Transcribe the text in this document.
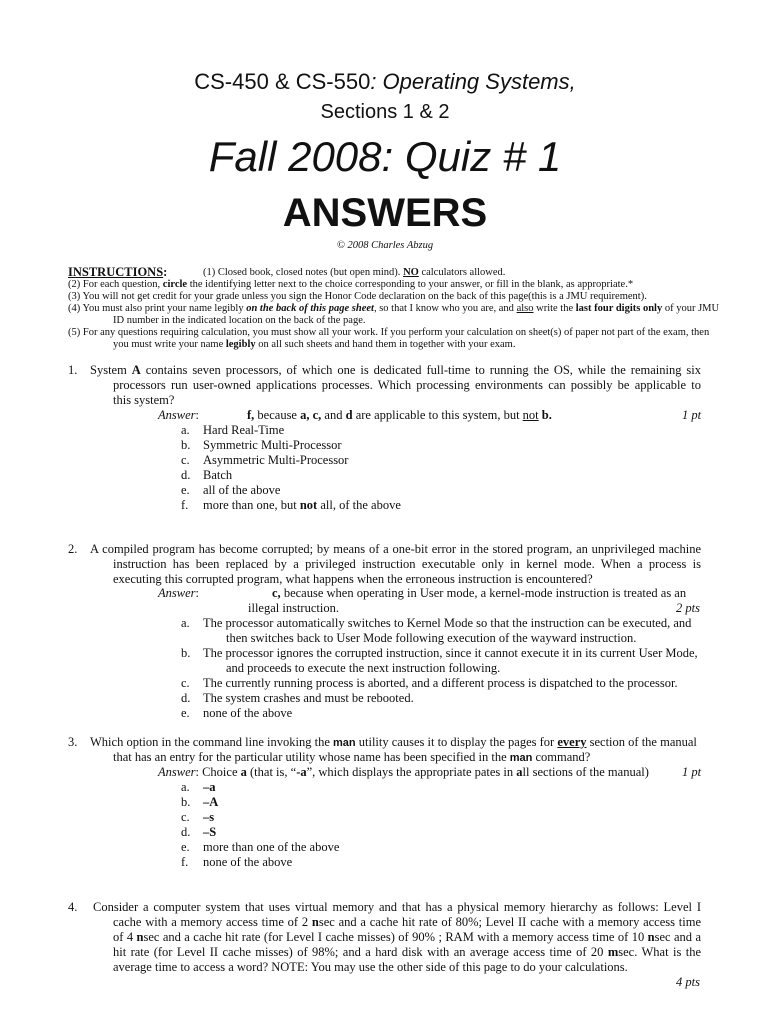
CS-450 & CS-550: Operating Systems,
Sections 1 & 2
Fall 2008: Quiz # 1
ANSWERS
© 2008 Charles Abzug
INSTRUCTIONS:	(1) Closed book, closed notes (but open mind). NO calculators allowed.
(2) For each question, circle the identifying letter next to the choice corresponding to your answer, or fill in the blank, as appropriate.*
(3) You will not get credit for your grade unless you sign the Honor Code declaration on the back of this page(this is a JMU requirement).
(4) You must also print your name legibly on the back of this page sheet, so that I know who you are, and also write the last four digits only of your JMU
ID number in the indicated location on the back of the page.
(5) For any questions requiring calculation, you must show all your work. If you perform your calculation on sheet(s) of paper not part of the exam, then
you must write your name legibly on all such sheets and hand them in together with your exam.
1. System A contains seven processors, of which one is dedicated full-time to running the OS, while the remaining six
processors run user-owned applications processes. Which processing environments can possibly be applicable to
this system?
Answer:	f, because a, c, and d are applicable to this system, but not b.	1 pt
a. Hard Real-Time
b. Symmetric Multi-Processor
c. Asymmetric Multi-Processor
d. Batch
e. all of the above
f. more than one, but not all, of the above
2. A compiled program has become corrupted; by means of a one-bit error in the stored program, an unprivileged machine
instruction has been replaced by a privileged instruction executable only in kernel mode. When a process is
executing this corrupted program, what happens when the erroneous instruction is encountered?
Answer:	c, because when operating in User mode, a kernel-mode instruction is treated as an
illegal instruction.	2 pts
a. The processor automatically switches to Kernel Mode so that the instruction can be executed, and
then switches back to User Mode following execution of the wayward instruction.
b. The processor ignores the corrupted instruction, since it cannot execute it in its current User Mode,
and proceeds to execute the next instruction following.
c. The currently running process is aborted, and a different process is dispatched to the processor.
d. The system crashes and must be rebooted.
e. none of the above
3. Which option in the command line invoking the man utility causes it to display the pages for every section of the manual
that has an entry for the particular utility whose name has been specified in the man command?
Answer: Choice a (that is, “-a”, which displays the appropriate pates in all sections of the manual)	1 pt
a. –a
b. –A
c. –s
d. –S
e. more than one of the above
f. none of the above
4. Consider a computer system that uses virtual memory and that has a physical memory hierarchy as follows: Level I
cache with a memory access time of 2 nsec and a cache hit rate of 80%; Level II cache with a memory access time
of 4 nsec and a cache hit rate (for Level I cache misses) of 90% ; RAM with a memory access time of 10 nsec and a
hit rate (for Level II cache misses) of 98%; and a hard disk with an average access time of 20 msec. What is the
average time to access a word? NOTE: You may use the other side of this page to do your calculations.
4 pts
